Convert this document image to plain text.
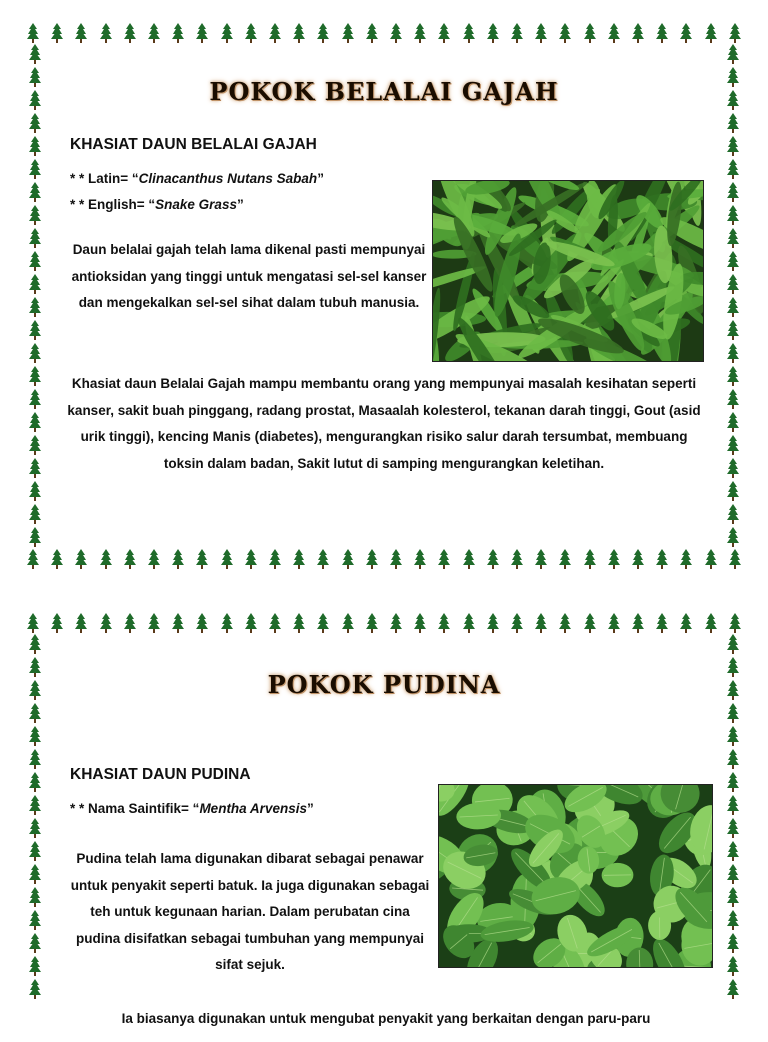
POKOK BELALAI GAJAH
KHASIAT DAUN BELALAI GAJAH
* * Latin= “Clinacanthus Nutans Sabah”
* * English= “Snake Grass”
Daun belalai gajah telah lama dikenal pasti mempunyai antioksidan yang tinggi untuk mengatasi sel-sel kanser dan mengekalkan sel-sel sihat dalam tubuh manusia.
Khasiat daun Belalai Gajah mampu membantu orang yang mempunyai masalah kesihatan seperti kanser, sakit buah pinggang, radang prostat, Masaalah kolesterol, tekanan darah tinggi, Gout (asid urik tinggi), kencing Manis (diabetes), mengurangkan risiko salur darah tersumbat, membuang toksin dalam badan, Sakit lutut di samping mengurangkan keletihan.
POKOK PUDINA
KHASIAT DAUN PUDINA
* * Nama Saintifik= “Mentha Arvensis”
Pudina telah lama digunakan dibarat sebagai penawar untuk penyakit seperti batuk. Ia juga digunakan sebagai teh untuk kegunaan harian. Dalam perubatan cina pudina disifatkan sebagai tumbuhan yang mempunyai sifat sejuk.
Ia biasanya digunakan untuk mengubat penyakit yang berkaitan dengan paru-paru
